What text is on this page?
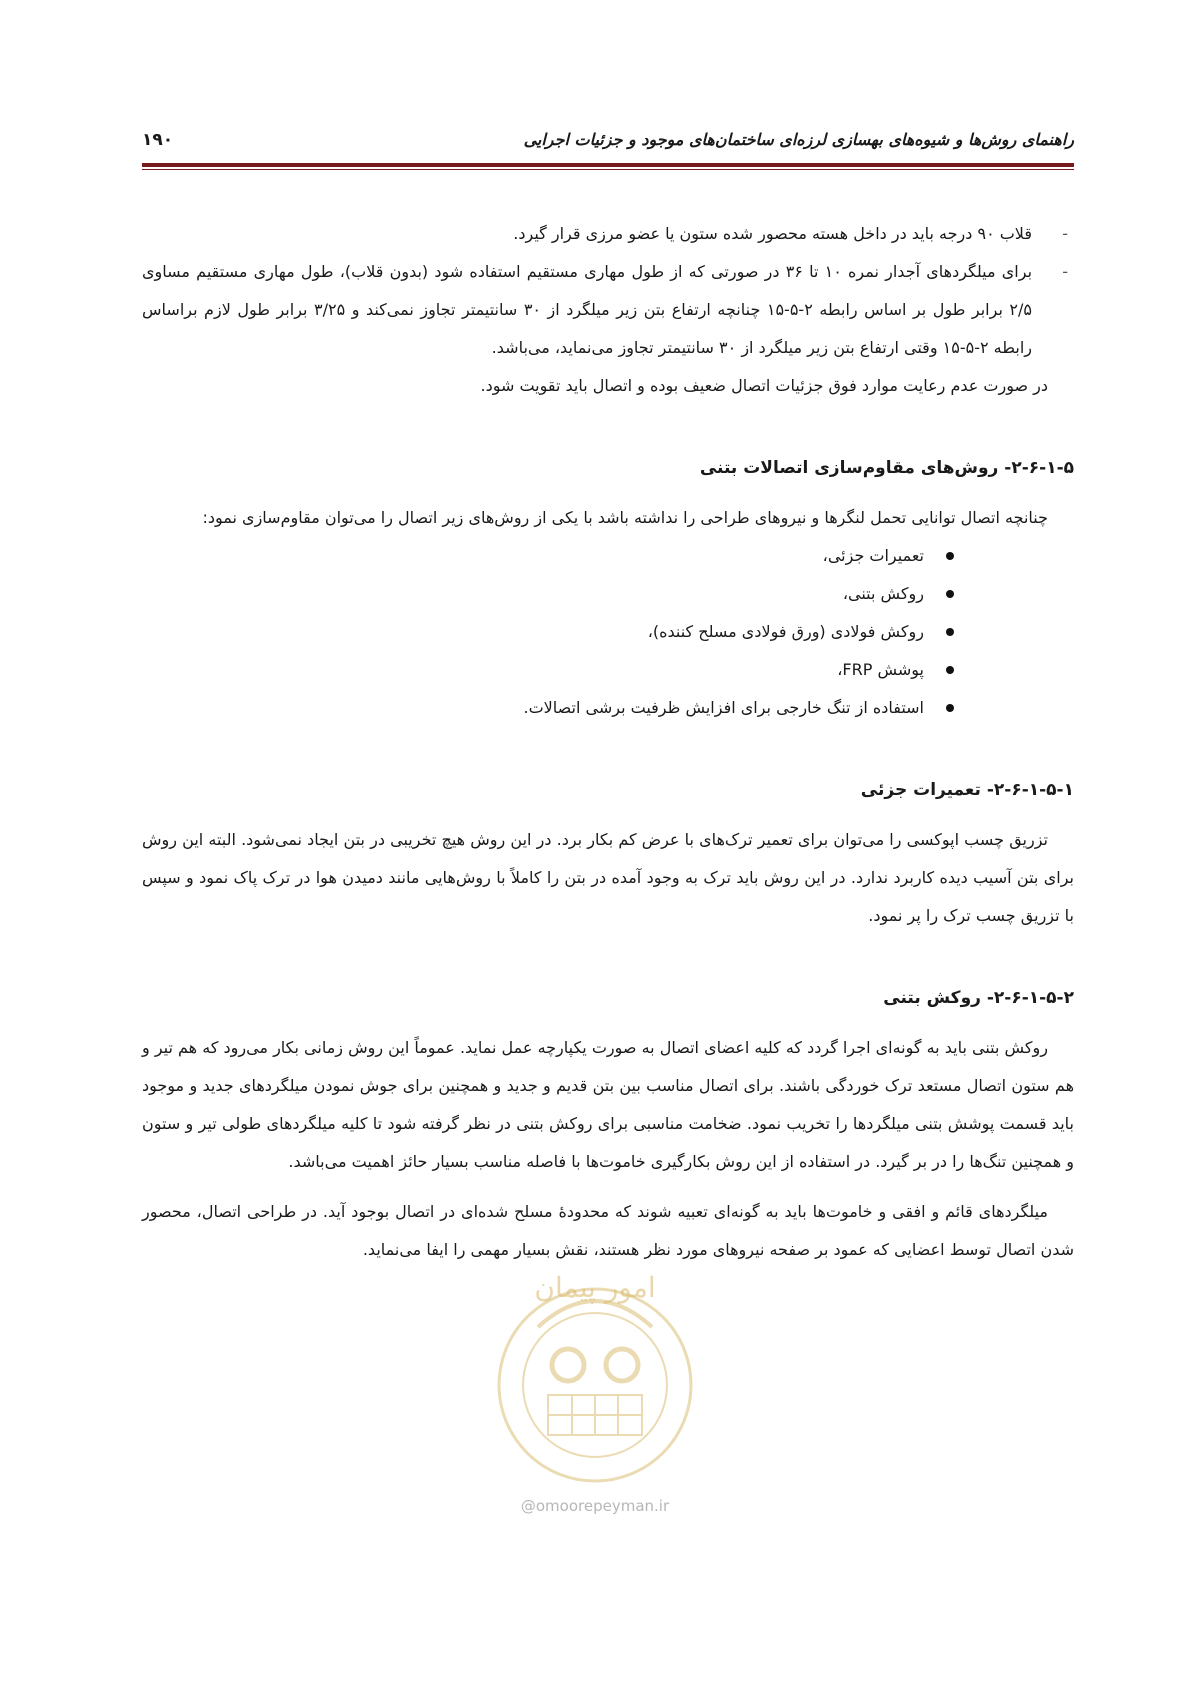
راهنمای روش‌ها و شیوه‌های بهسازی لرزه‌ای ساختمان‌های موجود و جزئیات اجرایی
۱۹۰
-
قلاب ۹۰ درجه باید در داخل هسته محصور شده ستون یا عضو مرزی قرار گیرد.
-
برای میلگردهای آجدار نمره ۱۰ تا ۳۶ در صورتی که از طول مهاری مستقیم استفاده شود (بدون قلاب)، طول مهاری مستقیم مساوی ۲/۵ برابر طول بر اساس رابطه ۲-۵-۱۵ چنانچه ارتفاع بتن زیر میلگرد از ۳۰ سانتیمتر تجاوز نمی‌کند و ۳/۲۵ برابر طول لازم براساس رابطه ۲-۵-۱۵ وقتی ارتفاع بتن زیر میلگرد از ۳۰ سانتیمتر تجاوز می‌نماید، می‌باشد.
در صورت عدم رعایت موارد فوق جزئیات اتصال ضعیف بوده و اتصال باید تقویت شود.
۲-۶-۱-۵- روش‌های مقاوم‌سازی اتصالات بتنی
چنانچه اتصال توانایی تحمل لنگرها و نیروهای طراحی را نداشته باشد با یکی از روش‌های زیر اتصال را می‌توان مقاوم‌سازی نمود:
تعمیرات جزئی،
روکش بتنی،
روکش فولادی (ورق فولادی مسلح کننده)،
پوشش FRP،
استفاده از تنگ خارجی برای افزایش ظرفیت برشی اتصالات.
۲-۶-۱-۵-۱- تعمیرات جزئی
تزریق چسب اپوکسی را می‌توان برای تعمیر ترک‌های با عرض کم بکار برد. در این روش هیچ تخریبی در بتن ایجاد نمی‌شود. البته این روش برای بتن آسیب دیده کاربرد ندارد. در این روش باید ترک به وجود آمده در بتن را کاملاً با روش‌هایی مانند دمیدن هوا در ترک پاک نمود و سپس با تزریق چسب ترک را پر نمود.
۲-۶-۱-۵-۲- روکش بتنی
روکش بتنی باید به گونه‌ای اجرا گردد که کلیه اعضای اتصال به صورت یکپارچه عمل نماید. عموماً این روش زمانی بکار می‌رود که هم تیر و هم ستون اتصال مستعد ترک خوردگی باشند. برای اتصال مناسب بین بتن قدیم و جدید و همچنین برای جوش نمودن میلگردهای جدید و موجود باید قسمت پوشش بتنی میلگردها را تخریب نمود. ضخامت مناسبی برای روکش بتنی در نظر گرفته شود تا کلیه میلگردهای طولی تیر و ستون و همچنین تنگ‌ها را در بر گیرد. در استفاده از این روش بکارگیری خاموت‌ها با فاصله مناسب بسیار حائز اهمیت می‌باشد.
میلگردهای قائم و افقی و خاموت‌ها باید به گونه‌ای تعبیه شوند که محدودهٔ مسلح شده‌ای در اتصال بوجود آید. در طراحی اتصال، محصور شدن اتصال توسط اعضایی که عمود بر صفحه نیروهای مورد نظر هستند، نقش بسیار مهمی را ایفا می‌نماید.
امور پیمان
@omoorepeyman.ir
